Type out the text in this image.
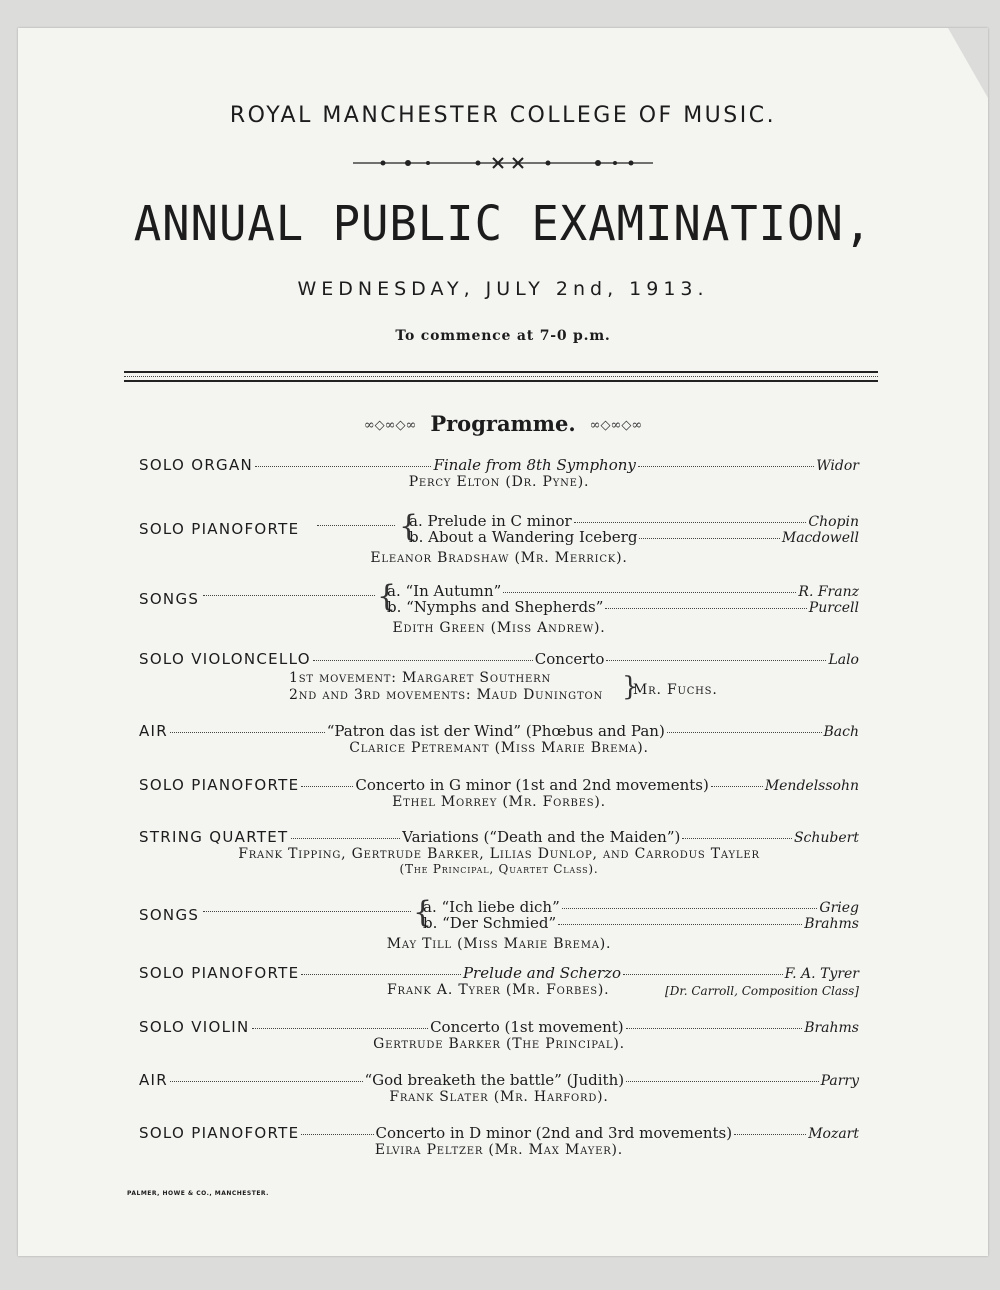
ROYAL MANCHESTER COLLEGE OF MUSIC.
ANNUAL PUBLIC EXAMINATION,
WEDNESDAY, JULY 2nd, 1913.
To commence at 7-0 p.m.
∞◇∞◇∞ Programme. ∞◇∞◇∞
SOLO ORGAN	Finale from 8th Symphony	Widor
Percy Elton (Dr. Pyne).
SOLO PIANOFORTE	{
a. Prelude in C minor	Chopin
b. About a Wandering Iceberg	Macdowell
Eleanor Bradshaw (Mr. Merrick).
SONGS	{
a. “In Autumn”	R. Franz
b. “Nymphs and Shepherds”	Purcell
Edith Green (Miss Andrew).
SOLO VIOLONCELLO	Concerto	Lalo
1st movement: Margaret Southern
2nd and 3rd movements: Maud Dunington }
Mr. Fuchs.
AIR	“Patron das ist der Wind” (Phœbus and Pan)	Bach
Clarice Petremant (Miss Marie Brema).
SOLO PIANOFORTE	Concerto in G minor (1st and 2nd movements)	Mendelssohn
Ethel Morrey (Mr. Forbes).
STRING QUARTET	Variations (“Death and the Maiden”)	Schubert
Frank Tipping, Gertrude Barker, Lilias Dunlop, and Carrodus Tayler
(The Principal, Quartet Class).
SONGS	{
a. “Ich liebe dich”	Grieg
b. “Der Schmied”	Brahms
May Till (Miss Marie Brema).
SOLO PIANOFORTE	Prelude and Scherzo	F. A. Tyrer
Frank A. Tyrer (Mr. Forbes).	[Dr. Carroll, Composition Class]
SOLO VIOLIN	Concerto (1st movement)	Brahms
Gertrude Barker (The Principal).
AIR	“God breaketh the battle” (Judith)	Parry
Frank Slater (Mr. Harford).
SOLO PIANOFORTE	Concerto in D minor (2nd and 3rd movements)	Mozart
Elvira Peltzer (Mr. Max Mayer).
PALMER, HOWE & CO., MANCHESTER.
